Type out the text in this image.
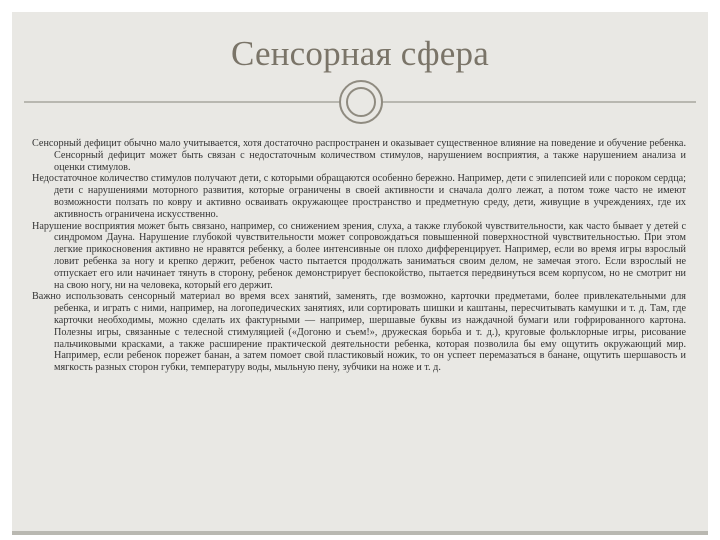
Сенсорная сфера

Сенсорный дефицит обычно мало учитывается, хотя достаточно распространен и оказывает существенное влияние на поведение и обучение ребенка. Сенсорный дефицит может быть связан с недостаточным количеством стимулов, нарушением восприятия, а также нарушением анализа и оценки стимулов.

Недостаточное количество стимулов получают дети, с которыми обращаются особенно бережно. Например, дети с эпилепсией или с пороком сердца; дети с нарушениями моторного развития, которые ограничены в своей активности и сначала долго лежат, а потом тоже часто не имеют возможности ползать по ковру и активно осваивать окружающее пространство и предметную среду, дети, живущие в учреждениях, где их активность ограничена искусственно.

Нарушение восприятия может быть связано, например, со снижением зрения, слуха, а также глубокой чувствительности, как часто бывает у детей с синдромом Дауна. Нарушение глубокой чувствительности может сопровождаться повышенной поверхностной чувствительностью. При этом легкие прикосновения активно не нравятся ребенку, а более интенсивные он плохо дифференцирует. Например, если во время игры взрослый ловит ребенка за ногу и крепко держит, ребенок часто пытается продолжать заниматься своим делом, не замечая этого. Если взрослый не отпускает его или начинает тянуть в сторону, ребенок демонстрирует беспокойство, пытается передвинуться всем корпусом, но не смотрит ни на свою ногу, ни на человека, который его держит.

Важно использовать сенсорный материал во время всех занятий, заменять, где возможно, карточки предметами, более привлекательными для ребенка, и играть с ними, например, на логопедических занятиях, или сортировать шишки и каштаны, пересчитывать камушки и т. д. Там, где карточки необходимы, можно сделать их фактурными — например, шершавые буквы из наждачной бумаги или гофрированного картона. Полезны игры, связанные с телесной стимуляцией («Догоню и съем!», дружеская борьба и т. д.), круговые фольклорные игры, рисование пальчиковыми красками, а также расширение практической деятельности ребенка, которая позволила бы ему ощутить окружающий мир. Например, если ребенок порежет банан, а затем помоет свой пластиковый ножик, то он успеет перемазаться в банане, ощутить шершавость и мягкость разных сторон губки, температуру воды, мыльную пену, зубчики на ноже и т. д.
